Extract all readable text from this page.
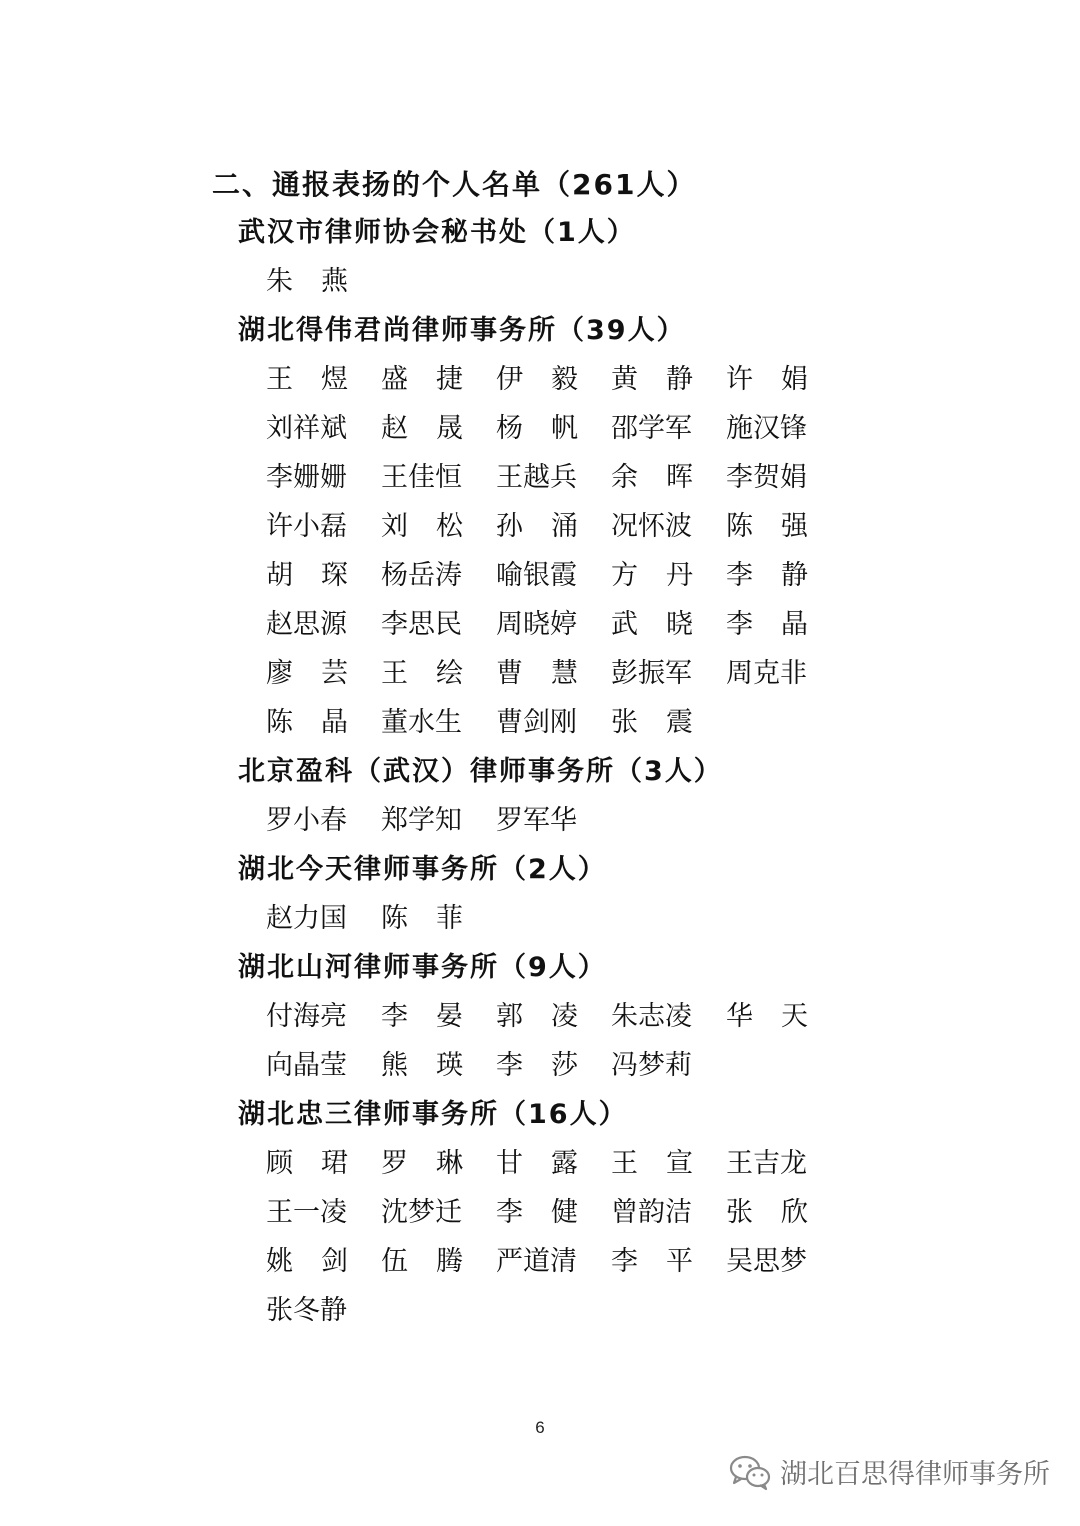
二、通报表扬的个人名单（261人）
武汉市律师协会秘书处（1人）
朱 燕
湖北得伟君尚律师事务所（39人）
王 煜 盛 捷 伊 毅 黄 静 许 娟
刘祥斌 赵 晟 杨 帆 邵学军 施汉锋
李姗姗 王佳恒 王越兵 余 晖 李贺娟
许小磊 刘 松 孙 涌 况怀波 陈 强
胡 琛 杨岳涛 喻银霞 方 丹 李 静
赵思源 李思民 周晓婷 武 晓 李 晶
廖 芸 王 绘 曹 慧 彭振军 周克非
陈 晶 董水生 曹剑刚 张 震
北京盈科（武汉）律师事务所（3人）
罗小春 郑学知 罗军华
湖北今天律师事务所（2人）
赵力国 陈 菲
湖北山河律师事务所（9人）
付海亮 李 晏 郭 凌 朱志凌 华 天
向晶莹 熊 瑛 李 莎 冯梦莉
湖北忠三律师事务所（16人）
顾 珺 罗 琳 甘 露 王 宣 王吉龙
王一凌 沈梦迁 李 健 曾韵洁 张 欣
姚 剑 伍 腾 严道清 李 平 吴思梦
张冬静
6
湖北百思得律师事务所
